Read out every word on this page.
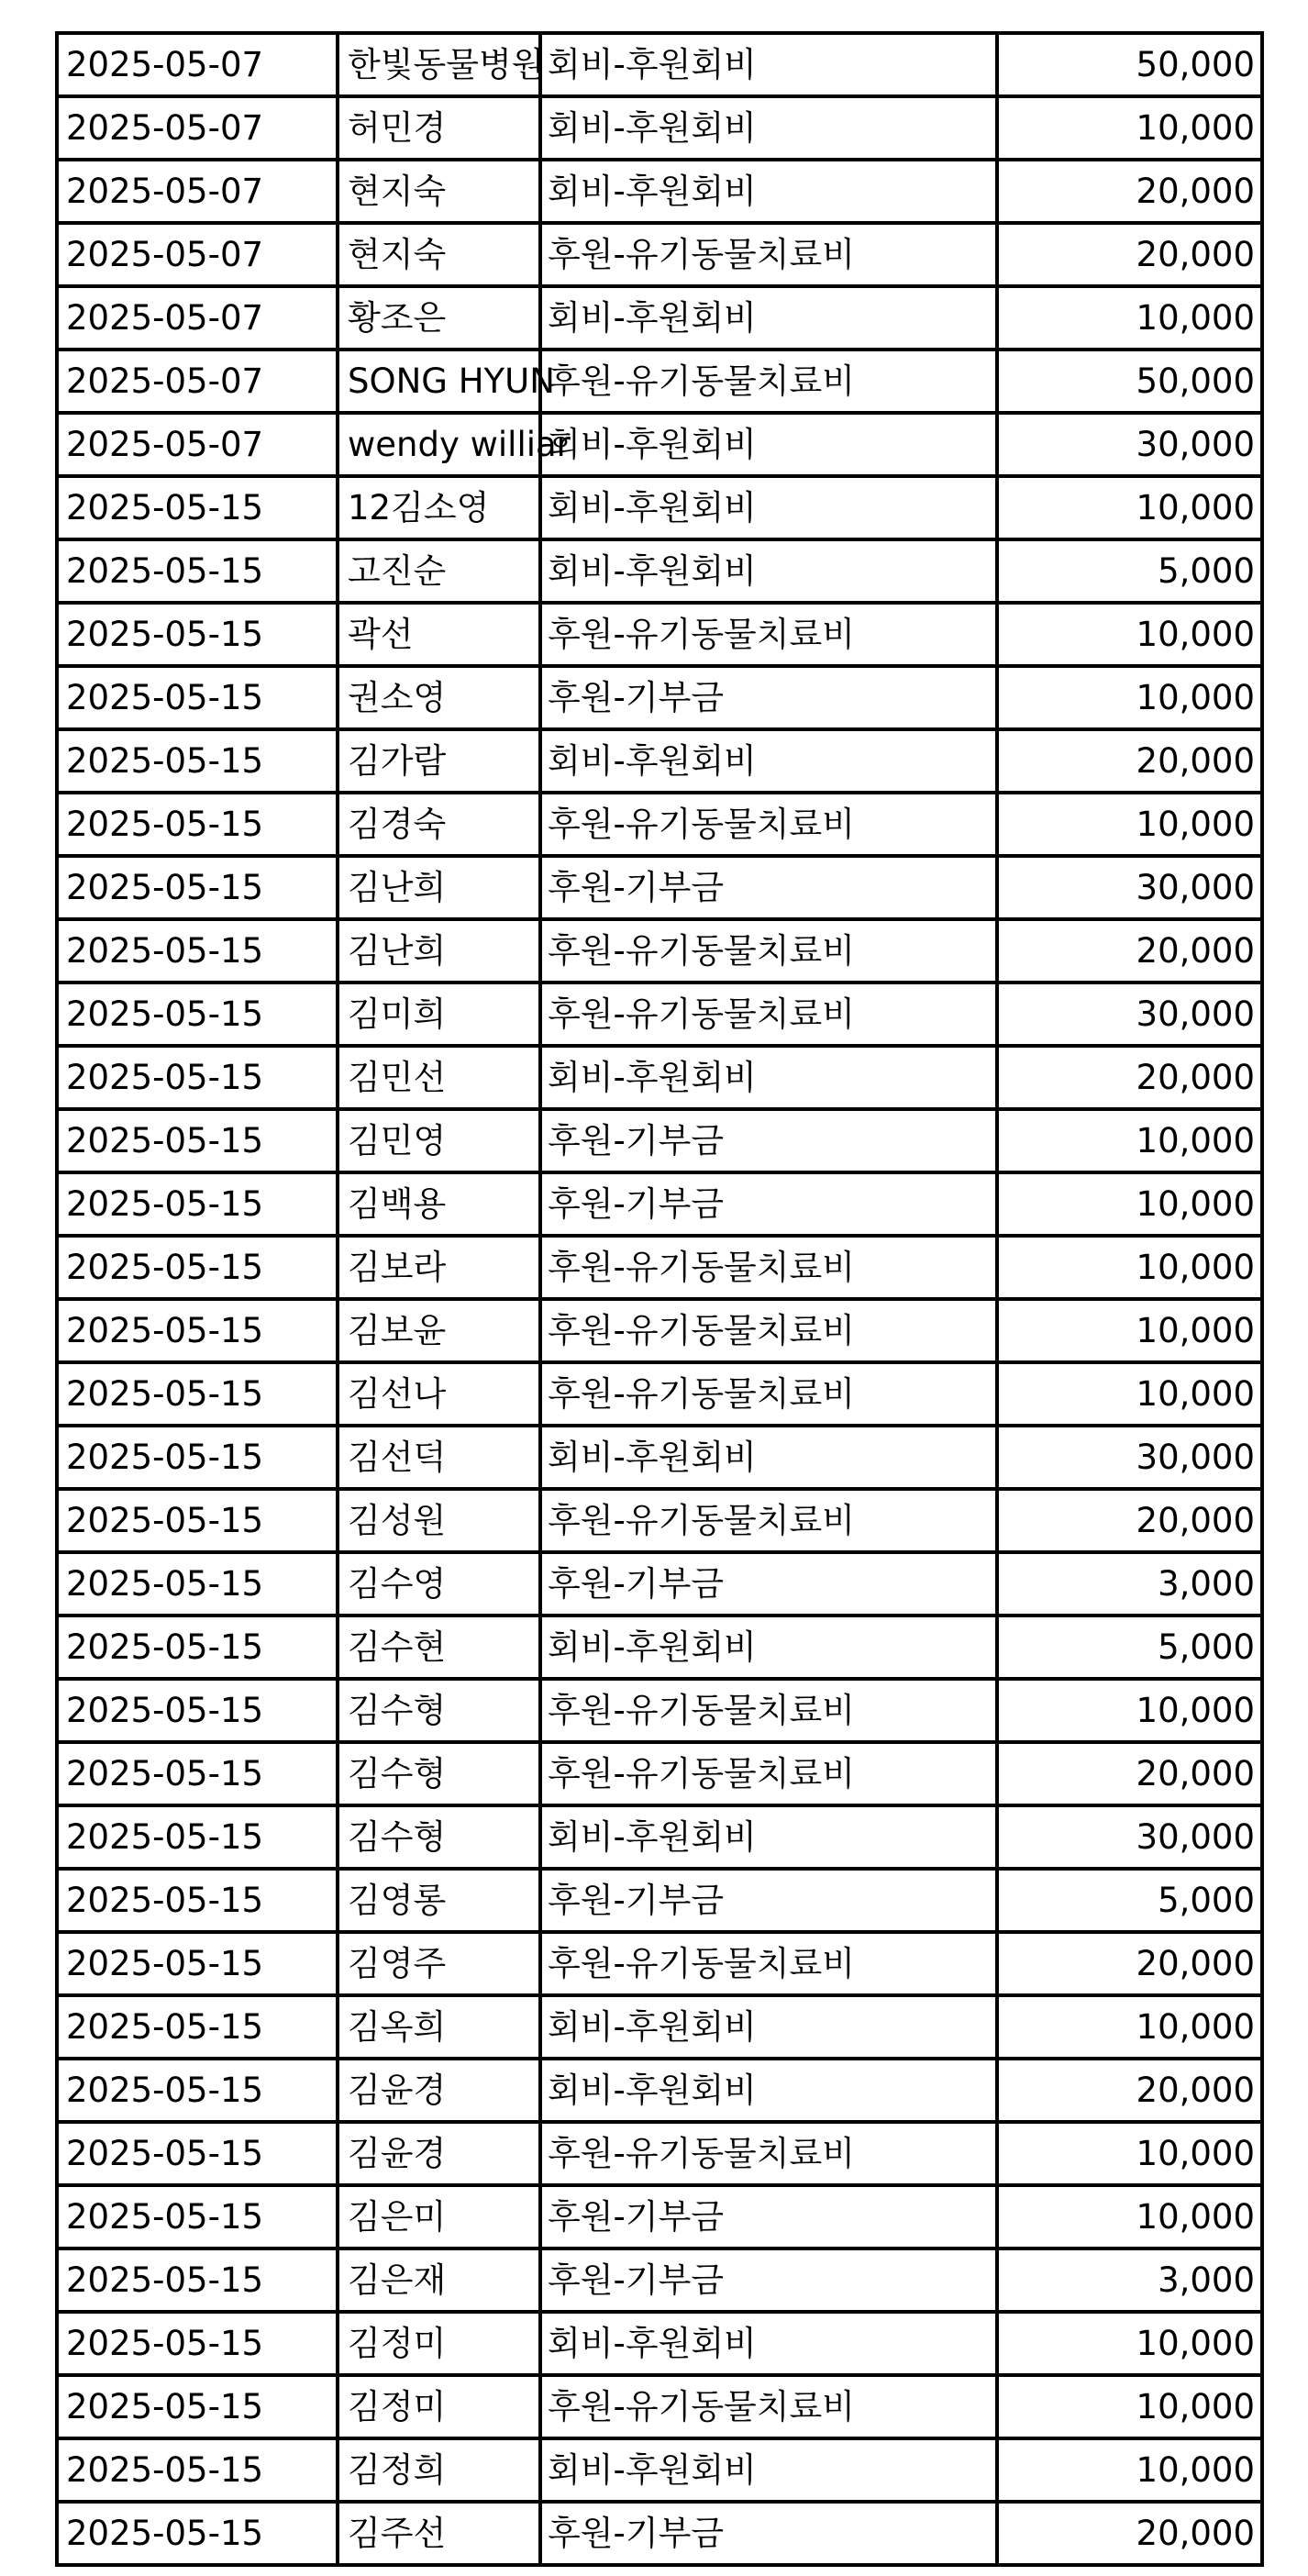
2025-05-07	한빛동물병원	회비-후원회비	50,000
2025-05-07	허민경	회비-후원회비	10,000
2025-05-07	현지숙	회비-후원회비	20,000
2025-05-07	현지숙	후원-유기동물치료비	20,000
2025-05-07	황조은	회비-후원회비	10,000
2025-05-07	SONG HYUN	후원-유기동물치료비	50,000
2025-05-07	wendy williar	회비-후원회비	30,000
2025-05-15	12김소영	회비-후원회비	10,000
2025-05-15	고진순	회비-후원회비	5,000
2025-05-15	곽선	후원-유기동물치료비	10,000
2025-05-15	권소영	후원-기부금	10,000
2025-05-15	김가람	회비-후원회비	20,000
2025-05-15	김경숙	후원-유기동물치료비	10,000
2025-05-15	김난희	후원-기부금	30,000
2025-05-15	김난희	후원-유기동물치료비	20,000
2025-05-15	김미희	후원-유기동물치료비	30,000
2025-05-15	김민선	회비-후원회비	20,000
2025-05-15	김민영	후원-기부금	10,000
2025-05-15	김백용	후원-기부금	10,000
2025-05-15	김보라	후원-유기동물치료비	10,000
2025-05-15	김보윤	후원-유기동물치료비	10,000
2025-05-15	김선나	후원-유기동물치료비	10,000
2025-05-15	김선덕	회비-후원회비	30,000
2025-05-15	김성원	후원-유기동물치료비	20,000
2025-05-15	김수영	후원-기부금	3,000
2025-05-15	김수현	회비-후원회비	5,000
2025-05-15	김수형	후원-유기동물치료비	10,000
2025-05-15	김수형	후원-유기동물치료비	20,000
2025-05-15	김수형	회비-후원회비	30,000
2025-05-15	김영롱	후원-기부금	5,000
2025-05-15	김영주	후원-유기동물치료비	20,000
2025-05-15	김옥희	회비-후원회비	10,000
2025-05-15	김윤경	회비-후원회비	20,000
2025-05-15	김윤경	후원-유기동물치료비	10,000
2025-05-15	김은미	후원-기부금	10,000
2025-05-15	김은재	후원-기부금	3,000
2025-05-15	김정미	회비-후원회비	10,000
2025-05-15	김정미	후원-유기동물치료비	10,000
2025-05-15	김정희	회비-후원회비	10,000
2025-05-15	김주선	후원-기부금	20,000
